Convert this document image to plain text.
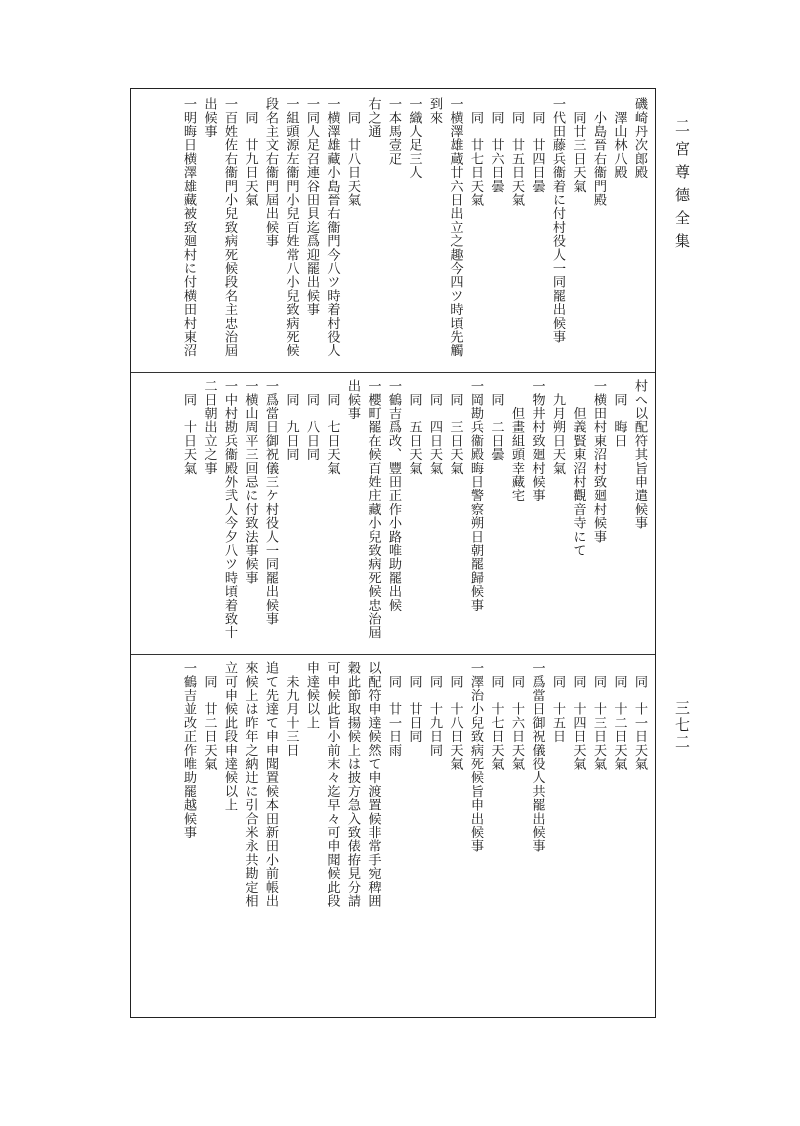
二宮尊德全集
三七二
磯崎丹次郎殿
　澤山林八殿
　小島晉右衞門殿
　同廿三日天氣
一代田藤兵衞着に付村役人一同罷出候事
　同　廿四日曇
　同　廿五日天氣
　同　廿六日曇
　同　廿七日天氣
一横澤雄蔵廿六日出立之趣今四ツ時頃先觸
到來
一織人足三人
一本馬壹疋
右之通
　同　廿八日天氣
一横澤雄藏小島晉右衞門今八ツ時着村役人
一同人足召連谷田貝迄爲迎罷出候事
一組頭源左衞門小兒百姓常八小兒致病死候
段名主文右衞門屆出候事
　同　廿九日天氣
一百姓佐右衞門小兒致病死候段名主忠治屆
出候事
一明晦日横澤雄藏被致廻村に付横田村東沼
村へ以配符其旨申遣候事
　同　晦日
一横田村東沼村致廻村候事
　　但義賢東沼村觀音寺にて
　九月朔日天氣
一物井村致廻村候事
　　但畫組頭幸藏宅
　同　二日曇
一岡勘兵衞殿晦日警察朔日朝罷歸候事
　同　三日天氣
　同　四日天氣
　同　五日天氣
一鶴吉爲改、豐田正作小路唯助罷出候
一櫻町罷在候百姓庄藏小兒致病死候忠治屆
出候事
　同　七日天氣
　同　八日同
　同　九日同
一爲當日御祝儀三ケ村役人一同罷出候事
一横山周平三回忌に付致法事候事
一中村勘兵衞殿外弐人今夕八ツ時頃着致十
二日朝出立之事
　同　十日天氣
　同　十一日天氣
　同　十二日天氣
　同　十三日天氣
　同　十四日天氣
　同　十五日
一爲當日御祝儀役人共罷出候事
　同　十六日天氣
　同　十七日天氣
一澤治小兒致病死候旨申出候事
　同　十八日天氣
　同　十九日同
　同　廿日同
　同　廿一日雨
以配符申達候然て申渡置候非常手宛稗囲
穀此節取揚候上は披方急入致俵拵見分請
可申候此旨小前末々迄早々可申聞候此段
申達候以上
　未九月十三日
追て先達て申申聞置候本田新田小前帳出
來候上は昨年之納辻に引合米永共勘定相
立可申候此段申達候以上
　同　廿二日天氣
一鶴吉並改正作唯助罷越候事
